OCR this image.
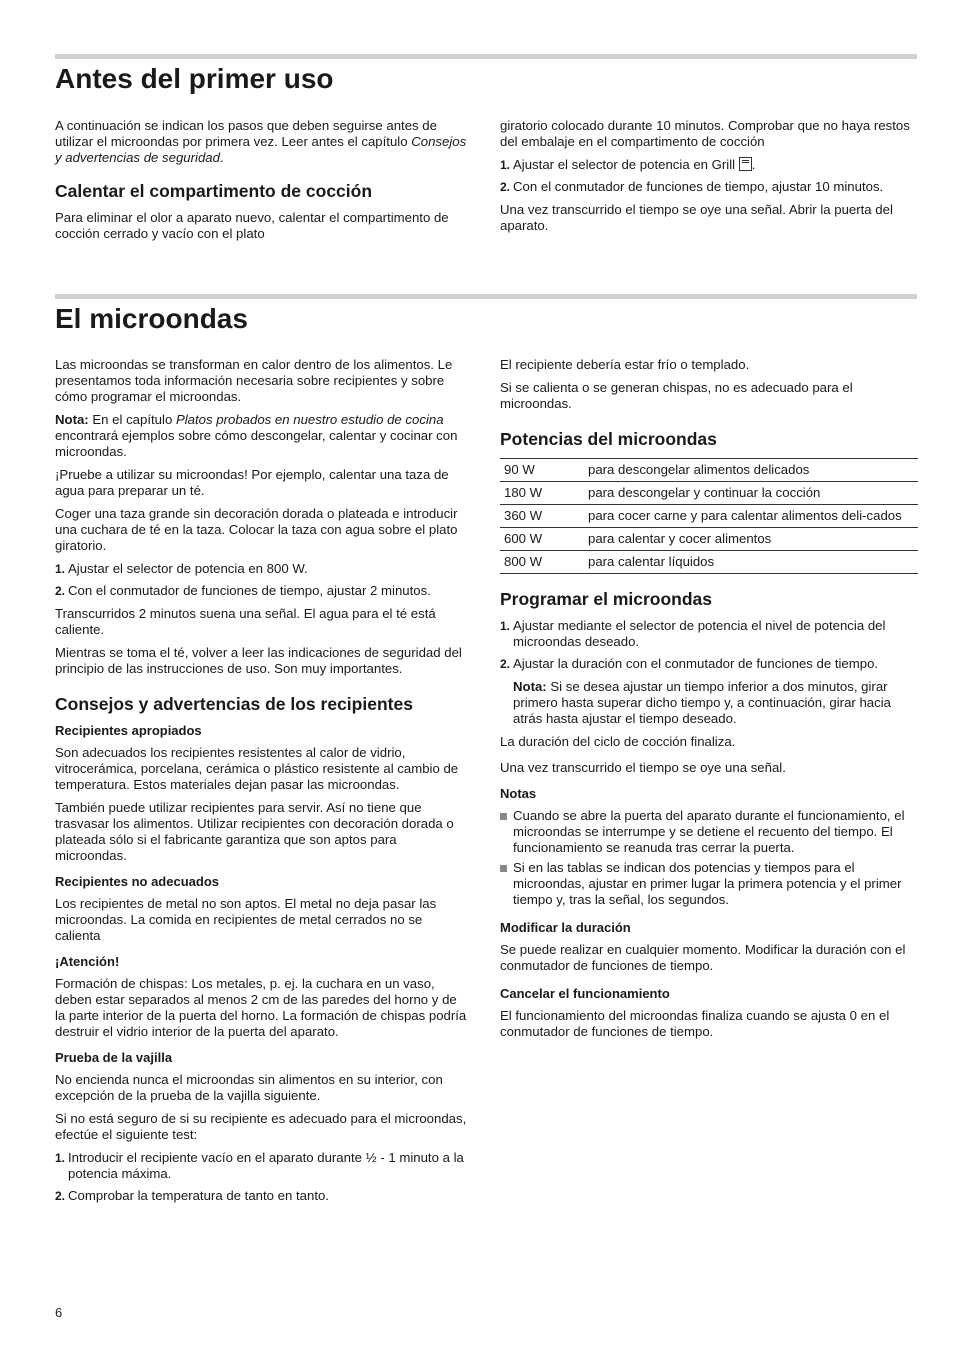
Antes del primer uso

A continuación se indican los pasos que deben seguirse antes de utilizar el microondas por primera vez. Leer antes el capítulo Consejos y advertencias de seguridad.

Calentar el compartimento de cocción

Para eliminar el olor a aparato nuevo, calentar el compartimento de cocción cerrado y vacío con el plato

giratorio colocado durante 10 minutos. Comprobar que no haya restos del embalaje en el compartimento de cocción

1. Ajustar el selector de potencia en Grill .
2. Con el conmutador de funciones de tiempo, ajustar 10 minutos.

Una vez transcurrido el tiempo se oye una señal. Abrir la puerta del aparato.

El microondas

Las microondas se transforman en calor dentro de los alimentos. Le presentamos toda información necesaria sobre recipientes y sobre cómo programar el microondas.

Nota: En el capítulo Platos probados en nuestro estudio de cocina encontrará ejemplos sobre cómo descongelar, calentar y cocinar con microondas.

¡Pruebe a utilizar su microondas! Por ejemplo, calentar una taza de agua para preparar un té.

Coger una taza grande sin decoración dorada o plateada e introducir una cuchara de té en la taza. Colocar la taza con agua sobre el plato giratorio.

1. Ajustar el selector de potencia en 800 W.
2. Con el conmutador de funciones de tiempo, ajustar 2 minutos.

Transcurridos 2 minutos suena una señal. El agua para el té está caliente.

Mientras se toma el té, volver a leer las indicaciones de seguridad del principio de las instrucciones de uso. Son muy importantes.

Consejos y advertencias de los recipientes
Recipientes apropiados

Son adecuados los recipientes resistentes al calor de vidrio, vitrocerámica, porcelana, cerámica o plástico resistente al cambio de temperatura. Estos materiales dejan pasar las microondas.

También puede utilizar recipientes para servir. Así no tiene que trasvasar los alimentos. Utilizar recipientes con decoración dorada o plateada sólo si el fabricante garantiza que son aptos para microondas.

Recipientes no adecuados

Los recipientes de metal no son aptos. El metal no deja pasar las microondas. La comida en recipientes de metal cerrados no se calienta

¡Atención!

Formación de chispas: Los metales, p. ej. la cuchara en un vaso, deben estar separados al menos 2 cm de las paredes del horno y de la parte interior de la puerta del horno. La formación de chispas podría destruir el vidrio interior de la puerta del aparato.

Prueba de la vajilla

No encienda nunca el microondas sin alimentos en su interior, con excepción de la prueba de la vajilla siguiente.

Si no está seguro de si su recipiente es adecuado para el microondas, efectúe el siguiente test:

1. Introducir el recipiente vacío en el aparato durante ½ - 1 minuto a la potencia máxima.
2. Comprobar la temperatura de tanto en tanto.

El recipiente debería estar frío o templado.

Si se calienta o se generan chispas, no es adecuado para el microondas.

Potencias del microondas
90 W	para descongelar alimentos delicados
180 W	para descongelar y continuar la cocción
360 W	para cocer carne y para calentar alimentos deli-cados
600 W	para calentar y cocer alimentos
800 W	para calentar líquidos
Programar el microondas
1. Ajustar mediante el selector de potencia el nivel de potencia del microondas deseado.
2. Ajustar la duración con el conmutador de funciones de tiempo.

Nota: Si se desea ajustar un tiempo inferior a dos minutos, girar primero hasta superar dicho tiempo y, a continuación, girar hacia atrás hasta ajustar el tiempo deseado.

La duración del ciclo de cocción finaliza.

Una vez transcurrido el tiempo se oye una señal.

Notas
Cuando se abre la puerta del aparato durante el funcionamiento, el microondas se interrumpe y se detiene el recuento del tiempo. El funcionamiento se reanuda tras cerrar la puerta.
Si en las tablas se indican dos potencias y tiempos para el microondas, ajustar en primer lugar la primera potencia y el primer tiempo y, tras la señal, los segundos.
Modificar la duración

Se puede realizar en cualquier momento. Modificar la duración con el conmutador de funciones de tiempo.

Cancelar el funcionamiento

El funcionamiento del microondas finaliza cuando se ajusta 0 en el conmutador de funciones de tiempo.

6
